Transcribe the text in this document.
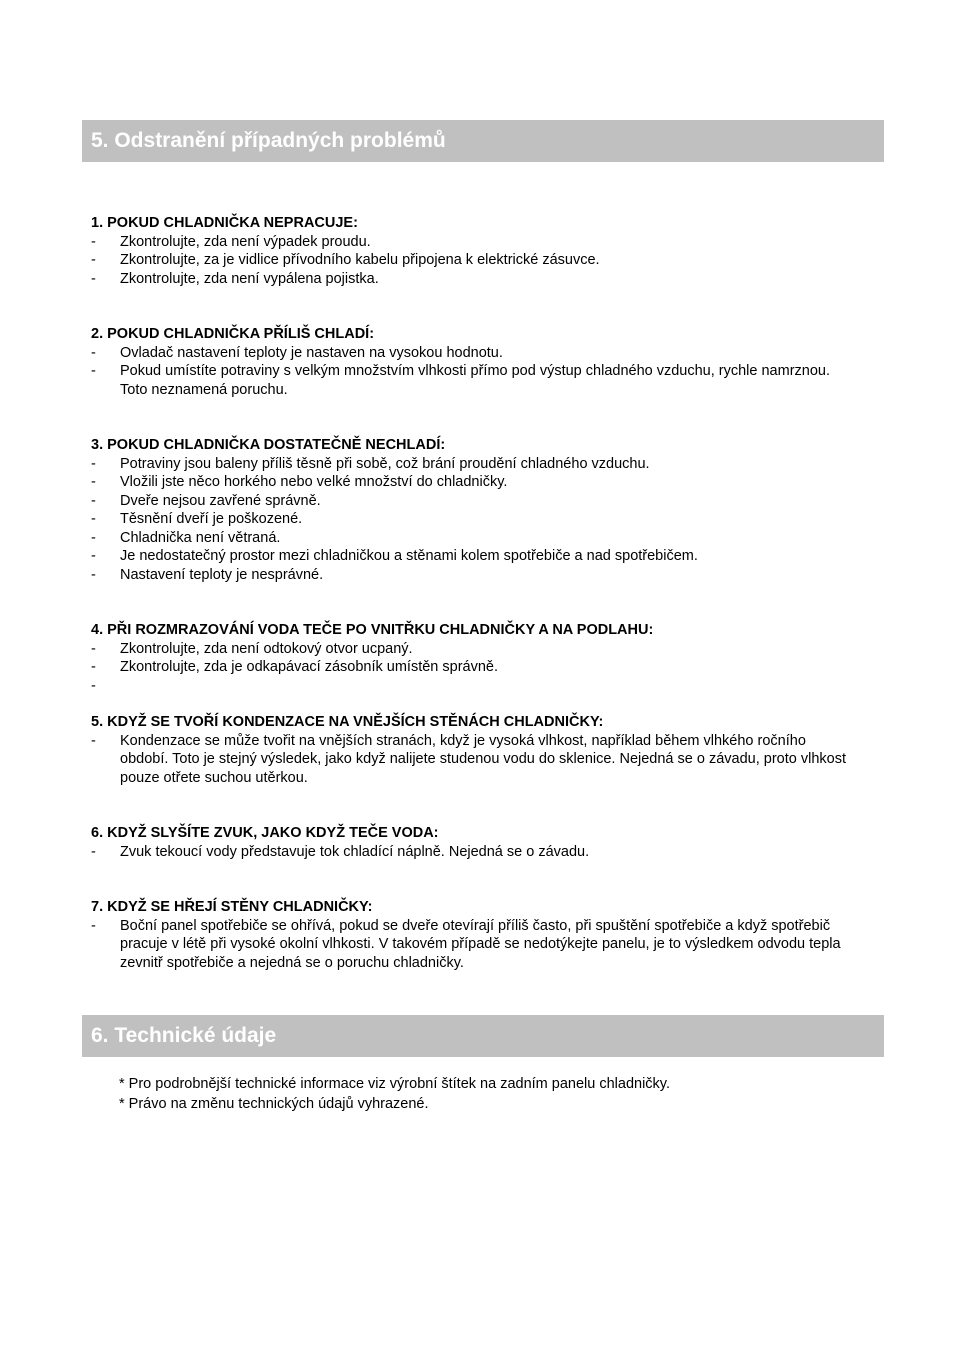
5. Odstranění případných problémů
1. POKUD CHLADNIČKA NEPRACUJE:
- Zkontrolujte, zda není výpadek proudu.
- Zkontrolujte, za je vidlice přívodního kabelu připojena k elektrické zásuvce.
- Zkontrolujte, zda není vypálena pojistka.
2. POKUD CHLADNIČKA PŘÍLIŠ CHLADÍ:
- Ovladač nastavení teploty je nastaven na vysokou hodnotu.
- Pokud umístíte potraviny s velkým množstvím vlhkosti přímo pod výstup chladného vzduchu, rychle namrznou. Toto neznamená poruchu.
3. POKUD CHLADNIČKA DOSTATEČNĚ NECHLADÍ:
- Potraviny jsou baleny příliš těsně při sobě, což brání proudění chladného vzduchu.
- Vložili jste něco horkého nebo velké množství do chladničky.
- Dveře nejsou zavřené správně.
- Těsnění dveří je poškozené.
- Chladnička není větraná.
- Je nedostatečný prostor mezi chladničkou a stěnami kolem spotřebiče a nad spotřebičem.
- Nastavení teploty je nesprávné.
4. PŘI ROZMRAZOVÁNÍ VODA TEČE PO VNITŘKU CHLADNIČKY A NA PODLAHU:
- Zkontrolujte, zda není odtokový otvor ucpaný.
- Zkontrolujte, zda je odkapávací zásobník umístěn správně.
-
5. KDYŽ SE TVOŘÍ KONDENZACE NA VNĚJŠÍCH STĚNÁCH CHLADNIČKY:
- Kondenzace se může tvořit na vnějších stranách, když je vysoká vlhkost, například během vlhkého ročního období. Toto je stejný výsledek, jako když nalijete studenou vodu do sklenice. Nejedná se o závadu, proto vlhkost pouze otřete suchou utěrkou.
6. KDYŽ SLYŠÍTE ZVUK, JAKO KDYŽ TEČE VODA:
- Zvuk tekoucí vody představuje tok chladící náplně. Nejedná se o závadu.
7. KDYŽ SE HŘEJÍ STĚNY CHLADNIČKY:
- Boční panel spotřebiče se ohřívá, pokud se dveře otevírají příliš často, při spuštění spotřebiče a když spotřebič pracuje v létě při vysoké okolní vlhkosti. V takovém případě se nedotýkejte panelu, je to výsledkem odvodu tepla zevnitř spotřebiče a nejedná se o poruchu chladničky.
6. Technické údaje
* Pro podrobnější technické informace viz výrobní štítek na zadním panelu chladničky.
* Právo na změnu technických údajů vyhrazené.
